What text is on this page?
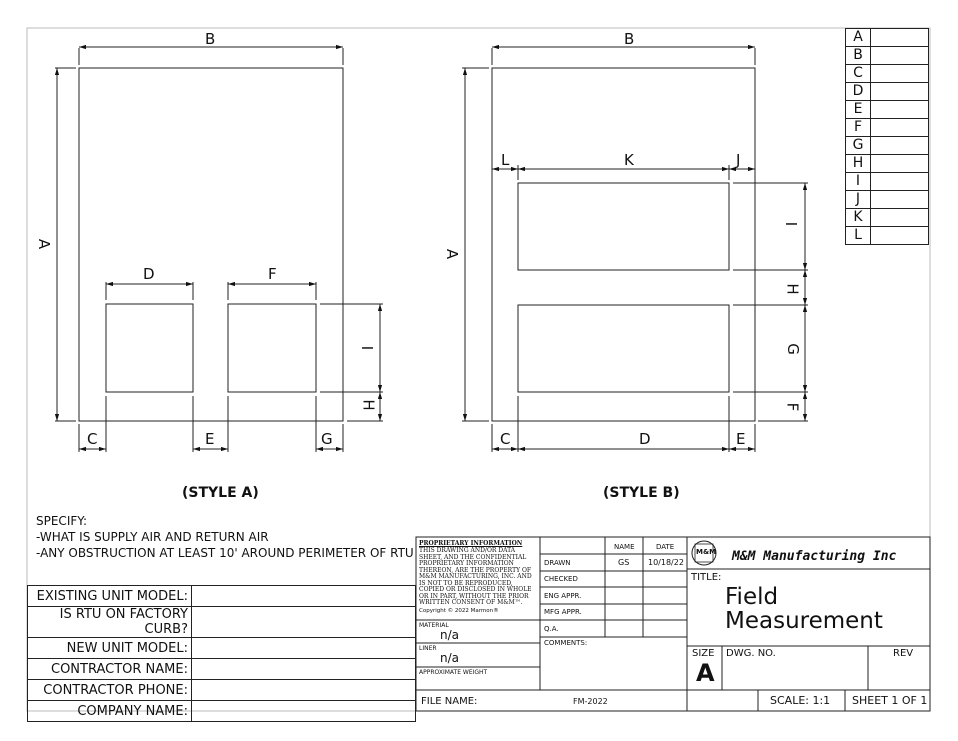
B
A
D	F
I
H
C	E	G
(STYLE A)
B
A
L	K	J
I
H
G
F
C	D	E
(STYLE B)
A	
B	
C	
D	
E	
F	
G	
H	
I	
J	
K	
L	
SPECIFY:
-WHAT IS SUPPLY AIR AND RETURN AIR
-ANY OBSTRUCTION AT LEAST 10' AROUND PERIMETER OF RTU
EXISTING UNIT MODEL:	
IS RTU ON FACTORY CURB?	
NEW UNIT MODEL:	
CONTRACTOR NAME:	
CONTRACTOR PHONE:	
COMPANY NAME:	
PROPRIETARY INFORMATION
THIS DRAWING AND/OR DATA SHEET, AND THE CONFIDENTIAL PROPRIETARY INFORMATION THEREON, ARE THE PROPERTY OF M&M MANUFACTURING, INC. AND IS NOT TO BE REPRODUCED, COPIED OR DISCLOSED IN WHOLE OR IN PART, WITHOUT THE PRIOR WRITTEN CONSENT OF M&M™.
Copyright © 2022 Marmon®
MATERIAL
n/a
LINER
n/a
APPROXIMATE WEIGHT
NAME	DATE
DRAWN	GS 10/18/22
CHECKED
ENG APPR.
MFG APPR.
Q.A.
COMMENTS:
M&M M&M Manufacturing Inc
TITLE:
Field
Measurement
SIZE
A
DWG. NO.	REV
FILE NAME:	FM-2022	SCALE: 1:1 SHEET 1 OF 1
